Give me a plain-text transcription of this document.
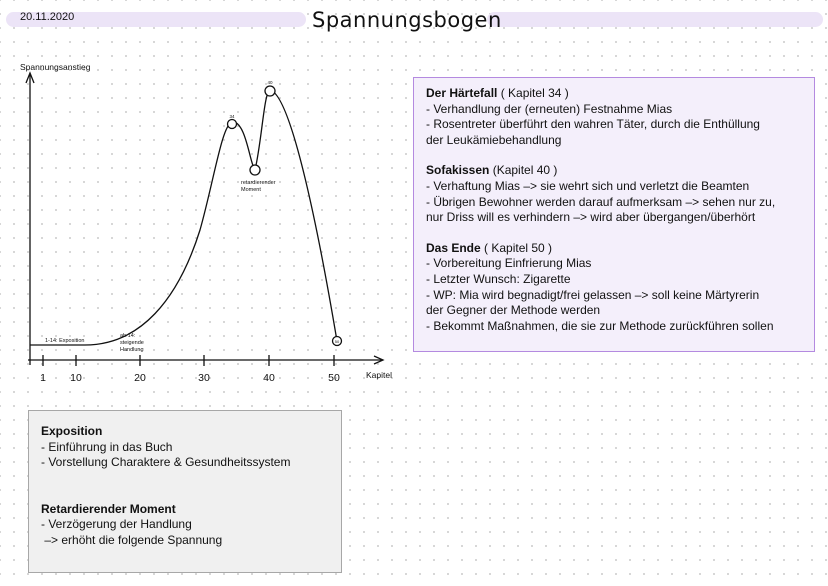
20.11.2020	Spannungsbogen
Spannungsanstieg
Kapitel
1 10	20	30	40	50
1-14: Exposition
ab 14:
steigende
Handlung
retardierender
Moment
34
40
50
Der Härtefall ( Kapitel 34 )
- Verhandlung der (erneuten) Festnahme Mias
- Rosentreter überführt den wahren Täter, durch die Enthüllung
der Leukämiebehandlung
Sofakissen (Kapitel 40 )
- Verhaftung Mias –> sie wehrt sich und verletzt die Beamten
- Übrigen Bewohner werden darauf aufmerksam –> sehen nur zu,
nur Driss will es verhindern –> wird aber übergangen/überhört
Das Ende ( Kapitel 50 )
- Vorbereitung Einfrierung Mias
- Letzter Wunsch: Zigarette
- WP: Mia wird begnadigt/frei gelassen –> soll keine Märtyrerin
der Gegner der Methode werden
- Bekommt Maßnahmen, die sie zur Methode zurückführen sollen
Exposition
- Einführung in das Buch
- Vorstellung Charaktere & Gesundheitssystem
Retardierender Moment
- Verzögerung der Handlung
–> erhöht die folgende Spannung
